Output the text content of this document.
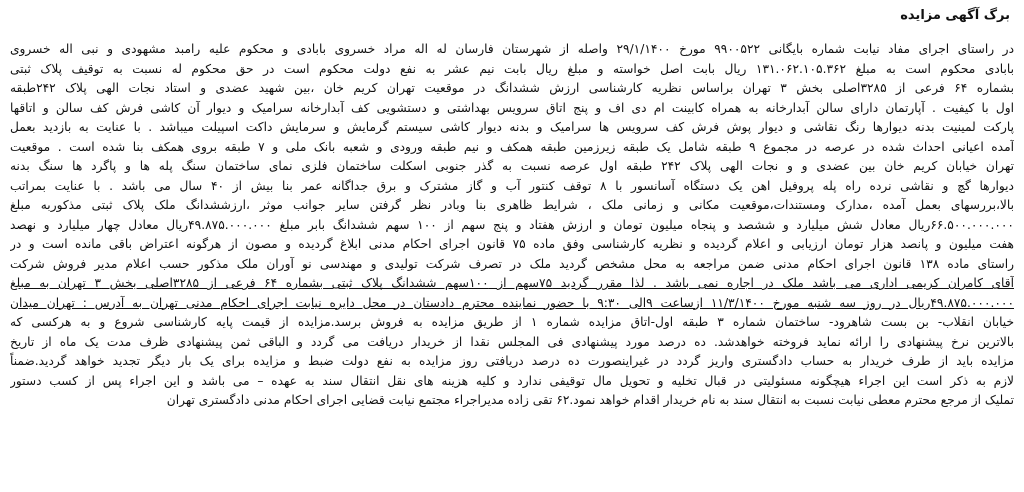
برگ آگهی مزایده
در راستای اجرای مفاد نیابت شماره بایگانی ۹۹۰۰۵۲۲ مورخ ۲۹/۱/۱۴۰۰ واصله از شهرستان فارسان له اله مراد خسروی بابادی و محکوم علیه رامبد مشهودی و نبی اله خسروی
بابادی محکوم است به مبلغ ۱۳۱.۰۶۲.۱۰۵.۳۶۲ ریال بابت اصل خواسته و مبلغ ریال بابت نیم عشر به نفع دولت محکوم است در حق محکوم له نسبت به توقیف پلاک ثبتی
بشماره ۶۴ فرعی از ۳۲۸۵اصلی بخش ۳ تهران براساس نظریه کارشناسی ارزش ششدانگ در موقعیت تهران کریم خان ،بین شهید عضدی و استاد نجات الهی پلاک ۲۴۲طبقه
اول با کیفیت . آپارتمان دارای سالن آبدارخانه به همراه کابینت ام دی اف و پنج اتاق سرویس بهداشتی و دستشویی کف آبدارخانه سرامیک و دیوار آن کاشی فرش کف سالن و اتاقها
پارکت لمینیت بدنه دیوارها رنگ نقاشی و دیوار پوش فرش کف سرویس ها سرامیک و بدنه دیوار کاشی سیستم گرمایش و سرمایش داکت اسپیلت میباشد . با عنایت به بازدید بعمل
آمده اعیانی احداث شده در عرصه در مجموع ۹ طبقه شامل یک طبقه زیرزمین طبقه همکف و نیم طبقه ورودی و شعبه بانک ملی و ۷ طبقه بروی همکف بنا شده است . موقعیت
تهران خیابان کریم خان بین عضدی و و نجات الهی پلاک ۲۴۲ طبقه اول عرصه نسبت به گذر جنوبی اسکلت ساختمان فلزی نمای ساختمان سنگ پله ها و پاگرد ها سنگ بدنه
دیوارها گچ و نقاشی نرده راه پله پروفیل اهن یک دستگاه آسانسور با ۸ توقف کنتور آب و گاز مشترک و برق جداگانه عمر بنا بیش از ۴۰ سال می باشد . با عنایت بمراتب
بالا،بررسهای بعمل آمده ،مدارک ومستندات،موقعیت مکانی و زمانی ملک ، شرایط ظاهری بنا وبادر نظر گرفتن سایر جوانب موثر ،ارزششدانگ ملک پلاک ثبتی مذکوربه مبلغ
۶۶.۵۰۰.۰۰۰.۰۰۰ریال معادل شش میلیارد و ششصد و پنجاه میلیون تومان و ارزش هفتاد و پنج سهم از ۱۰۰ سهم ششدانگ بابر مبلغ ۴۹.۸۷۵.۰۰۰.۰۰۰ریال معادل چهار میلیارد و نهصد
هفت میلیون و پانصد هزار تومان ارزیابی و اعلام گردیده و نظریه کارشناسی وفق ماده ۷۵ قانون اجرای احکام مدنی ابلاغ گردیده و مصون از هرگونه اعتراض باقی مانده است و در
راستای ماده ۱۳۸ قانون اجرای احکام مدنی ضمن مراجعه به محل مشخص گردید ملک در تصرف شرکت تولیدی و مهندسی نو آوران ملک مذکور حسب اعلام مدیر فروش شرکت
آقای کامران کریمی اداری می باشد ملک در اجاره نمی باشد . لذا مقرر گردید ۷۵سهم از ۱۰۰سهم ششدانگ پلاک ثبتی بشماره ۶۴ فرعی از ۳۲۸۵اصلی بخش ۳ تهران به مبلغ
۴۹.۸۷۵.۰۰۰.۰۰۰ریال در روز سه شنبه مورخ ۱۱/۳/۱۴۰۰ ازساعت ۹الی ۹:۳۰ با حضور نماینده محترم دادستان در محل دایره نیابت اجرای احکام مدنی تهران به آدرس : تهران میدان
خیابان انقلاب- بن بست شاهرود- ساختمان شماره ۳ طبقه اول-اتاق مزایده شماره ۱ از طریق مزایده به فروش برسد.مزایده از قیمت پایه کارشناسی شروع و به هرکسی که
بالاترین نرخ پیشنهادی را ارائه نماید فروخته خواهدشد. ده درصد مورد پیشنهادی فی المجلس نقدا از خریدار دریافت می گردد و الباقی ثمن پیشنهادی ظرف مدت یک ماه از تاریخ
مزایده باید از طرف خریدار به حساب دادگستری واریز گردد در غیراینصورت ده درصد دریافتی روز مزایده به نفع دولت ضبط و مزایده برای یک بار دیگر تجدید خواهد گردید.ضمناً
لازم به ذکر است این اجراء هیچگونه مسئولیتی در قبال تخلیه و تحویل مال توقیفی ندارد و کلیه هزینه های نقل انتقال سند به عهده – می باشد و این اجراء پس از کسب دستور
تملیک از مرجع محترم معطی نیابت نسبت به انتقال سند به نام خریدار اقدام خواهد نمود.۶۲ تقی زاده مدیراجراء مجتمع نیابت قضایی اجرای احکام مدنی دادگستری تهران
